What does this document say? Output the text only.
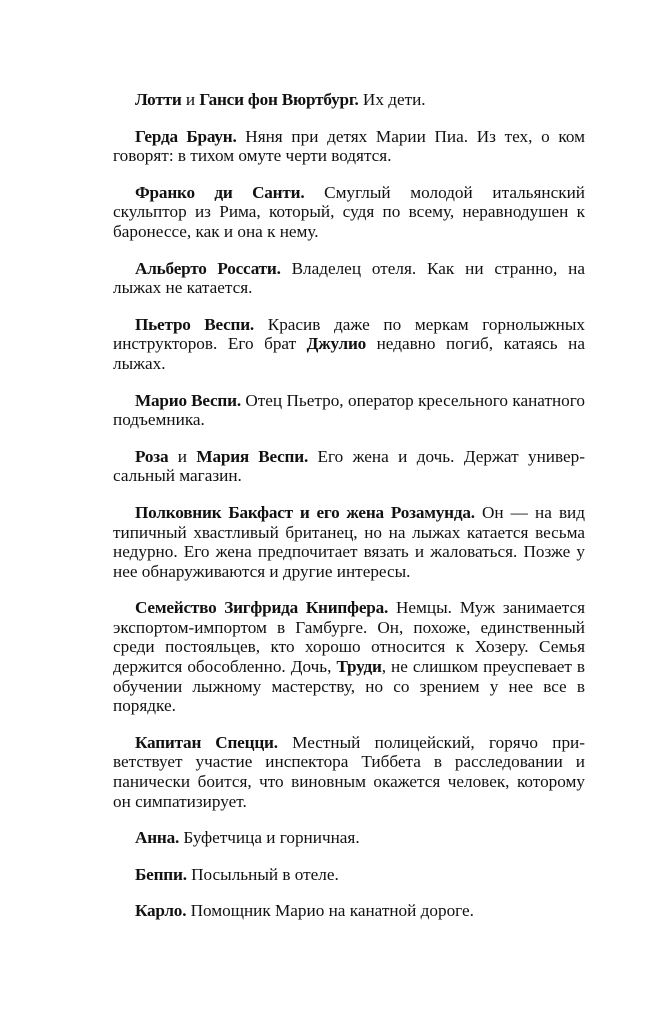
Лотти и Ганси фон Вюртбург. Их дети.

Герда Браун. Няня при детях Марии Пиа. Из тех, о ком говорят: в тихом омуте черти водятся.

Франко ди Санти. Смуглый молодой итальянский скульптор из Рима, который, судя по всему, неравнодушен к баронессе, как и она к нему.

Альберто Россати. Владелец отеля. Как ни странно, на лыжах не катается.

Пьетро Веспи. Красив даже по меркам горнолыжных инструкторов. Его брат Джулио недавно погиб, катаясь на лыжах.

Марио Веспи. Отец Пьетро, оператор кресельного канатного подъемника.

Роза и Мария Веспи. Его жена и дочь. Держат универсальный магазин.

Полковник Бакфаст и его жена Розамунда. Он — на вид типичный хвастливый британец, но на лыжах катается весьма недурно. Его жена предпочитает вязать и жаловаться. Позже у нее обнаруживаются и другие интересы.

Семейство Зигфрида Книпфера. Немцы. Муж занимается экспортом-импортом в Гамбурге. Он, похоже, единственный среди постояльцев, кто хорошо относится к Хозеру. Семья держится обособленно. Дочь, Труди, не слишком преуспевает в обучении лыжному мастерству, но со зрением у нее все в порядке.

Капитан Спецци. Местный полицейский, горячо приветствует участие инспектора Тиббета в расследовании и панически боится, что виновным окажется человек, которому он симпатизирует.

Анна. Буфетчица и горничная.

Беппи. Посыльный в отеле.

Карло. Помощник Марио на канатной дороге.
